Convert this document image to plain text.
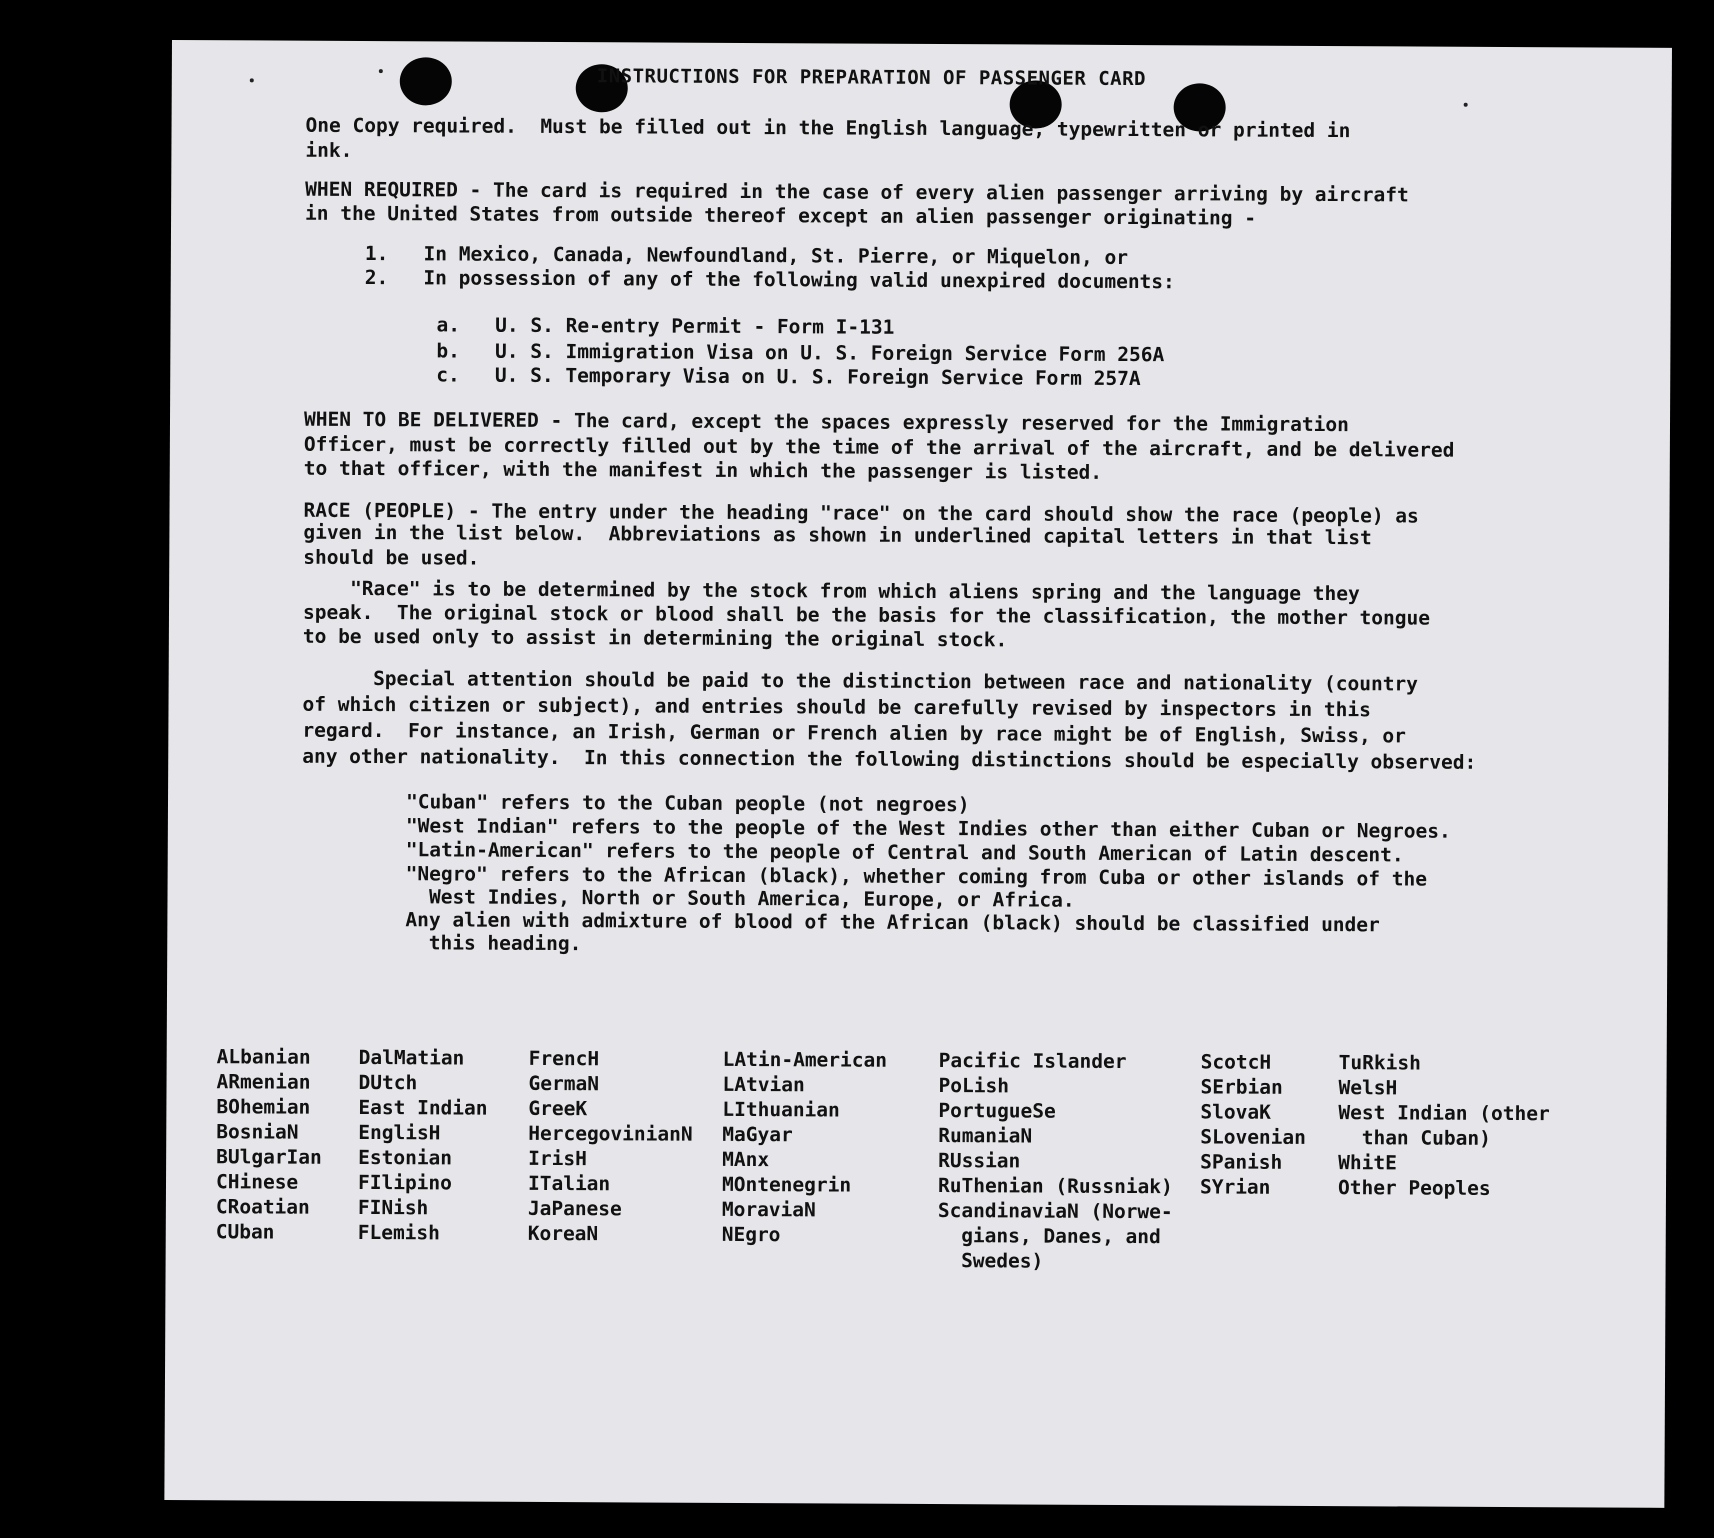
INSTRUCTIONS FOR PREPARATION OF PASSENGER CARD
One Copy required.  Must be filled out in the English language, typewritten or printed in
ink.
WHEN REQUIRED - The card is required in the case of every alien passenger arriving by aircraft
in the United States from outside thereof except an alien passenger originating -
1.   In Mexico, Canada, Newfoundland, St. Pierre, or Miquelon, or
2.   In possession of any of the following valid unexpired documents:
a.   U. S. Re-entry Permit - Form I-131
b.   U. S. Immigration Visa on U. S. Foreign Service Form 256A
c.   U. S. Temporary Visa on U. S. Foreign Service Form 257A
WHEN TO BE DELIVERED - The card, except the spaces expressly reserved for the Immigration
Officer, must be correctly filled out by the time of the arrival of the aircraft, and be delivered
to that officer, with the manifest in which the passenger is listed.
RACE (PEOPLE) - The entry under the heading "race" on the card should show the race (people) as
given in the list below.  Abbreviations as shown in underlined capital letters in that list
should be used.
"Race" is to be determined by the stock from which aliens spring and the language they
speak.  The original stock or blood shall be the basis for the classification, the mother tongue
to be used only to assist in determining the original stock.
Special attention should be paid to the distinction between race and nationality (country
of which citizen or subject), and entries should be carefully revised by inspectors in this
regard.  For instance, an Irish, German or French alien by race might be of English, Swiss, or
any other nationality.  In this connection the following distinctions should be especially observed:
"Cuban" refers to the Cuban people (not negroes)
"West Indian" refers to the people of the West Indies other than either Cuban or Negroes.
"Latin-American" refers to the people of Central and South American of Latin descent.
"Negro" refers to the African (black), whether coming from Cuba or other islands of the
West Indies, North or South America, Europe, or Africa.
Any alien with admixture of blood of the African (black) should be classified under
this heading.
ALbanian
ARmenian
BOhemian
BosniaN
BUlgarIan
CHinese
CRoatian
CUban
DalMatian
DUtch
East Indian
EnglisH
Estonian
FIlipino
FINish
FLemish
FrencH
GermaN
GreeK
HercegovinianN
IrisH
ITalian
JaPanese
KoreaN
LAtin-American
LAtvian
LIthuanian
MaGyar
MAnx
MOntenegrin
MoraviaN
NEgro
Pacific Islander
PoLish
PortugueSe
RumaniaN
RUssian
RuThenian (Russniak)
ScandinaviaN (Norwe-
gians, Danes, and
Swedes)
ScotcH
SErbian
SlovaK
SLovenian
SPanish
SYrian
TuRkish
WelsH
West Indian (other
than Cuban)
WhitE
Other Peoples
